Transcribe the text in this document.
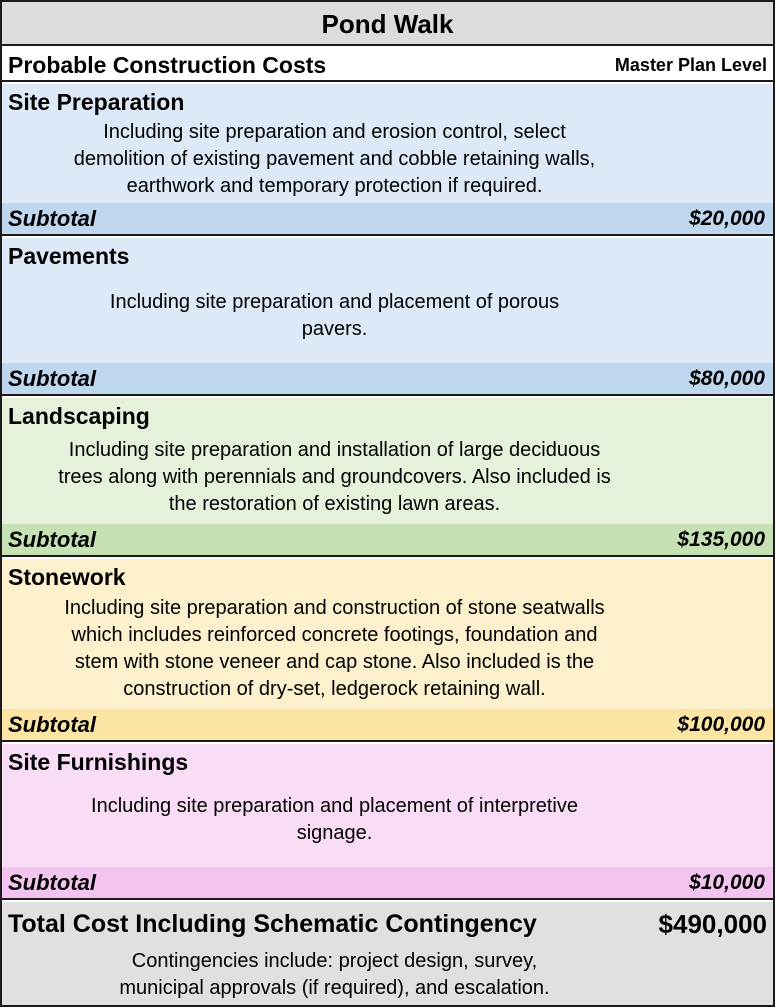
Pond Walk
Probable Construction Costs	Master Plan Level
Site Preparation
Including site preparation and erosion control, select
demolition of existing pavement and cobble retaining walls,
earthwork and temporary protection if required.
Subtotal	$20,000
Pavements
Including site preparation and placement of porous
pavers.
Subtotal	$80,000
Landscaping
Including site preparation and installation of large deciduous
trees along with perennials and groundcovers. Also included is
the restoration of existing lawn areas.
Subtotal	$135,000
Stonework
Including site preparation and construction of stone seatwalls
which includes reinforced concrete footings, foundation and
stem with stone veneer and cap stone. Also included is the
construction of dry-set, ledgerock retaining wall.
Subtotal	$100,000
Site Furnishings
Including site preparation and placement of interpretive
signage.
Subtotal	$10,000
Total Cost Including Schematic Contingency	$490,000
Contingencies include: project design, survey,
municipal approvals (if required), and escalation.
